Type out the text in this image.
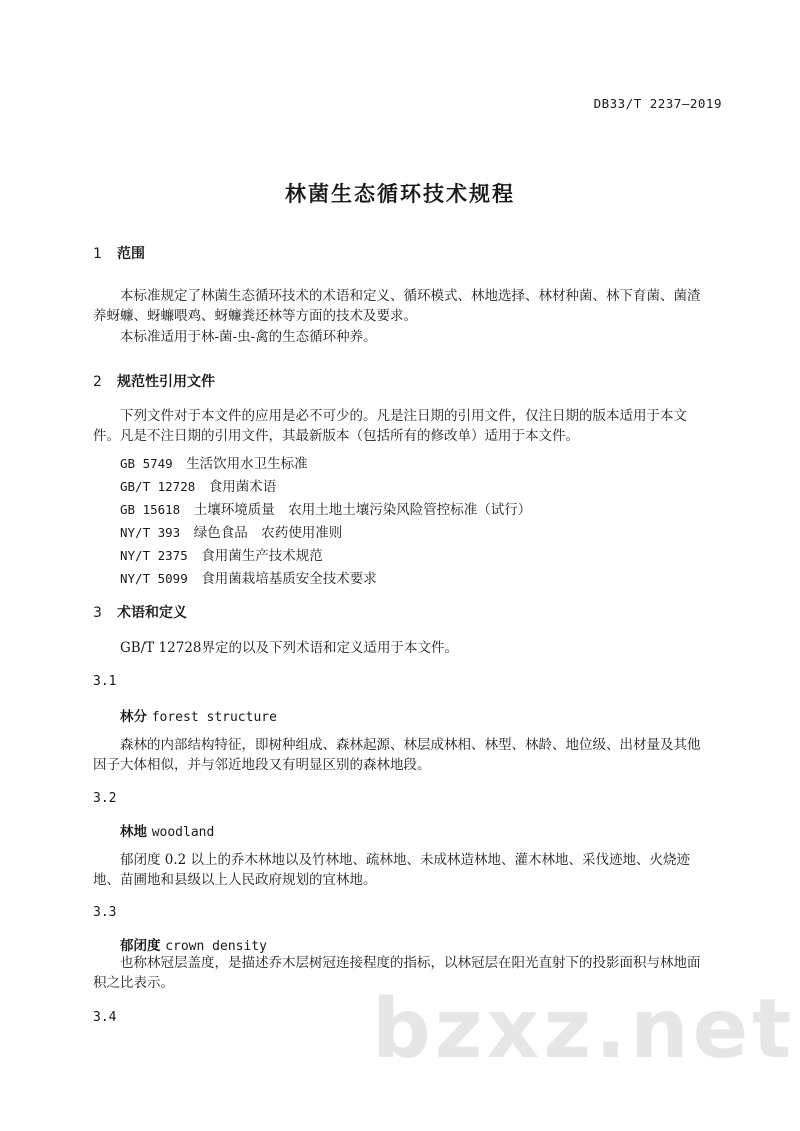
DB33/T 2237—2019
林菌生态循环技术规程
1 范围
本标准规定了林菌生态循环技术的术语和定义、循环模式、林地选择、林材种菌、林下育菌、菌渣养蚜蠊、蚜蠊喂鸡、蚜蠊粪还林等方面的技术及要求。
本标准适用于林-菌-虫-禽的生态循环种养。
2 规范性引用文件
下列文件对于本文件的应用是必不可少的。凡是注日期的引用文件，仅注日期的版本适用于本文件。凡是不注日期的引用文件，其最新版本（包括所有的修改单）适用于本文件。
GB 5749　 生活饮用水卫生标准
GB/T 12728　 食用菌术语
GB 15618　 土壤环境质量　农用土地土壤污染风险管控标准（试行）
NY/T 393　 绿色食品　农药使用准则
NY/T 2375　 食用菌生产技术规范
NY/T 5099　 食用菌栽培基质安全技术要求
3 术语和定义
GB/T 12728界定的以及下列术语和定义适用于本文件。
3.1
林分 forest structure
森林的内部结构特征，即树种组成、森林起源、林层成林相、林型、林龄、地位级、出材量及其他因子大体相似，并与邻近地段又有明显区别的森林地段。
3.2
林地 woodland
郁闭度 0.2 以上的乔木林地以及竹林地、疏林地、未成林造林地、灌木林地、采伐迹地、火烧迹地、苗圃地和县级以上人民政府规划的宜林地。
3.3
郁闭度 crown density
也称林冠层盖度，是描述乔木层树冠连接程度的指标，以林冠层在阳光直射下的投影面积与林地面积之比表示。
3.4	bzxz.net
